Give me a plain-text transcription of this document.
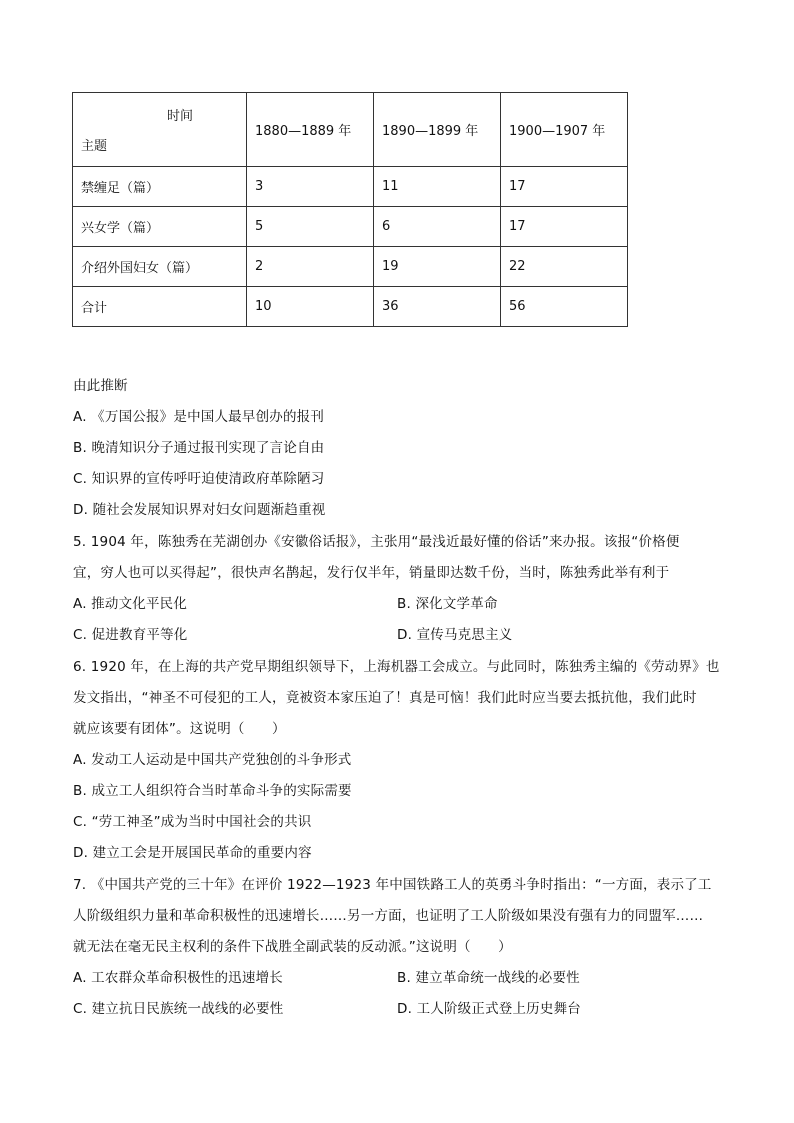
时间
主题	1880—1889 年	1890—1899 年	1900—1907 年
禁缠足（篇）	3	11	17
兴女学（篇）	5	6	17
介绍外国妇女（篇）	2	19	22
合计	10	36	56
由此推断
A. 《万国公报》是中国人最早创办的报刊
B. 晚清知识分子通过报刊实现了言论自由
C. 知识界的宣传呼吁迫使清政府革除陋习
D. 随社会发展知识界对妇女问题渐趋重视
5. 1904 年，陈独秀在芜湖创办《安徽俗话报》，主张用“最浅近最好懂的俗话”来办报。该报“价格便
宜，穷人也可以买得起”，很快声名鹊起，发行仅半年，销量即达数千份，当时，陈独秀此举有利于
A. 推动文化平民化	B. 深化文学革命
C. 促进教育平等化	D. 宣传马克思主义
6. 1920 年，在上海的共产党早期组织领导下，上海机器工会成立。与此同时，陈独秀主编的《劳动界》也
发文指出，“神圣不可侵犯的工人，竟被资本家压迫了！真是可恼！我们此时应当要去抵抗他，我们此时
就应该要有团体”。这说明（　　）
A. 发动工人运动是中国共产党独创的斗争形式
B. 成立工人组织符合当时革命斗争的实际需要
C. “劳工神圣”成为当时中国社会的共识
D. 建立工会是开展国民革命的重要内容
7. 《中国共产党的三十年》在评价 1922—1923 年中国铁路工人的英勇斗争时指出：“一方面，表示了工
人阶级组织力量和革命积极性的迅速增长……另一方面，也证明了工人阶级如果没有强有力的同盟军……
就无法在毫无民主权利的条件下战胜全副武装的反动派。”这说明（　　）
A. 工农群众革命积极性的迅速增长	B. 建立革命统一战线的必要性
C. 建立抗日民族统一战线的必要性	D. 工人阶级正式登上历史舞台
